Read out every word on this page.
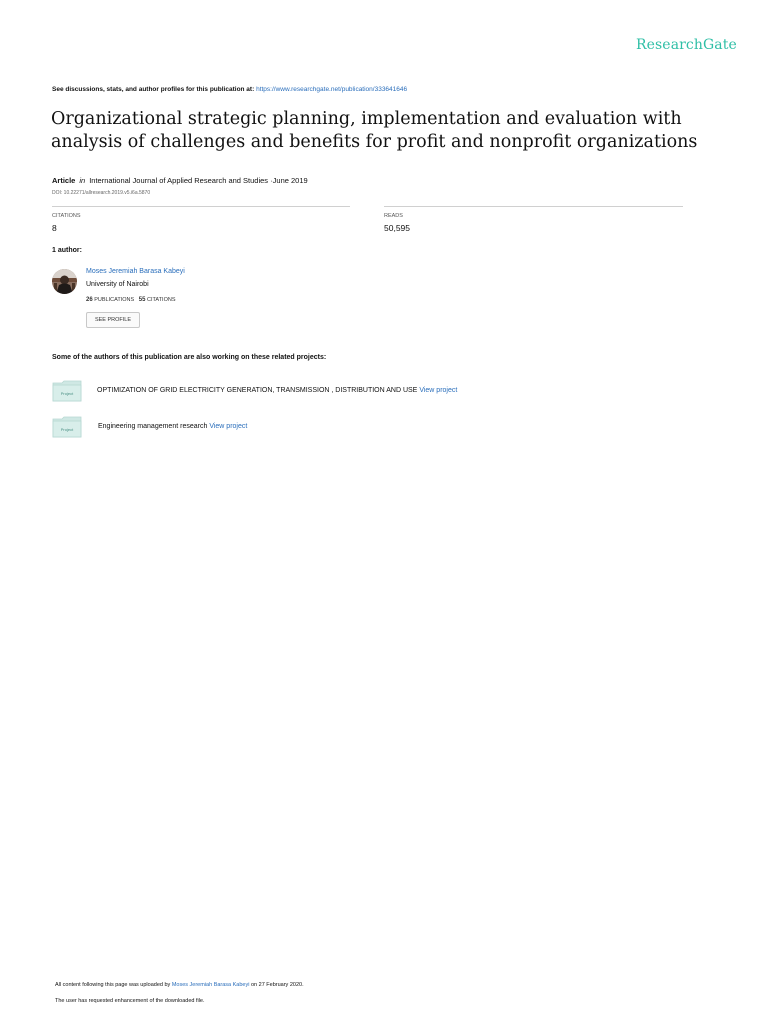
ResearchGate
See discussions, stats, and author profiles for this publication at: https://www.researchgate.net/publication/333641646
Organizational strategic planning, implementation and evaluation with analysis of challenges and benefits for profit and nonprofit organizations
Article in International Journal of Applied Research and Studies ·June 2019
DOI: 10.22271/allresearch.2019.v5.i6a.5870
CITATIONS
8
READS
50,595
1 author:
Moses Jeremiah Barasa Kabeyi
University of Nairobi
26 PUBLICATIONS 55 CITATIONS
SEE PROFILE
Some of the authors of this publication are also working on these related projects:
Project	OPTIMIZATION OF GRID ELECTRICITY GENERATION, TRANSMISSION , DISTRIBUTION AND USE View project
Project	Engineering management research View project
All content following this page was uploaded by Moses Jeremiah Barasa Kabeyi on 27 February 2020.
The user has requested enhancement of the downloaded file.
